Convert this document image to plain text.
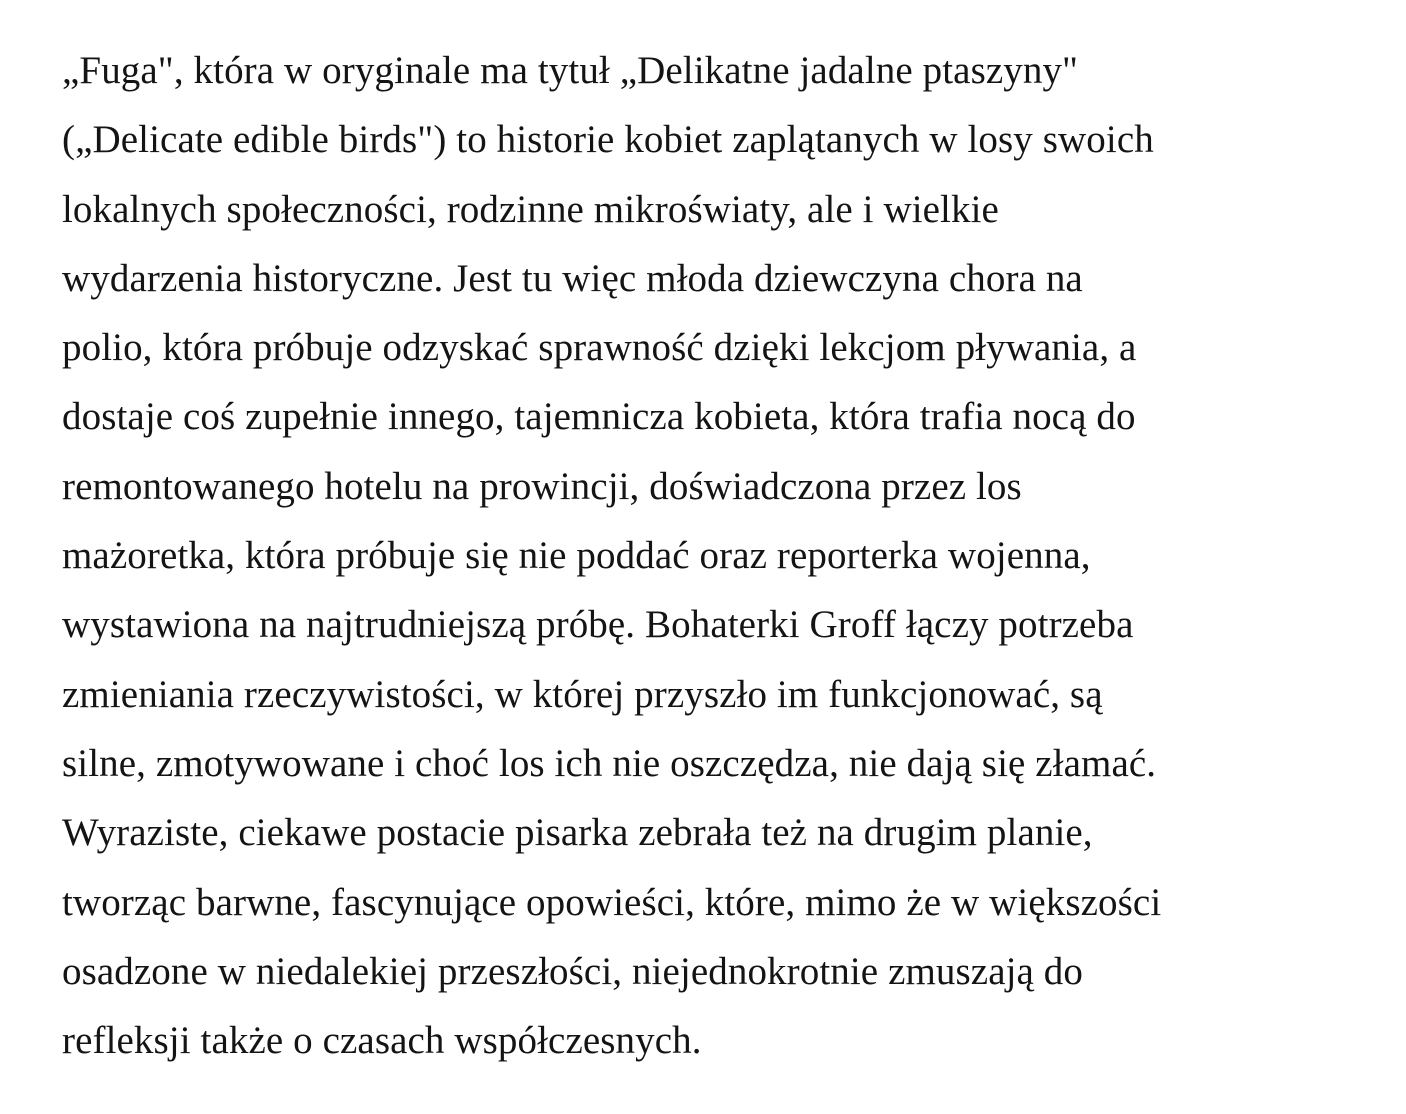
„Fuga", która w oryginale ma tytuł „Delikatne jadalne ptaszyny"
(„Delicate edible birds") to historie kobiet zaplątanych w losy swoich
lokalnych społeczności, rodzinne mikroświaty, ale i wielkie
wydarzenia historyczne. Jest tu więc młoda dziewczyna chora na
polio, która próbuje odzyskać sprawność dzięki lekcjom pływania, a
dostaje coś zupełnie innego, tajemnicza kobieta, która trafia nocą do
remontowanego hotelu na prowincji, doświadczona przez los
mażoretka, która próbuje się nie poddać oraz reporterka wojenna,
wystawiona na najtrudniejszą próbę. Bohaterki Groff łączy potrzeba
zmieniania rzeczywistości, w której przyszło im funkcjonować, są
silne, zmotywowane i choć los ich nie oszczędza, nie dają się złamać.
Wyraziste, ciekawe postacie pisarka zebrała też na drugim planie,
tworząc barwne, fascynujące opowieści, które, mimo że w większości
osadzone w niedalekiej przeszłości, niejednokrotnie zmuszają do
refleksji także o czasach współczesnych.
